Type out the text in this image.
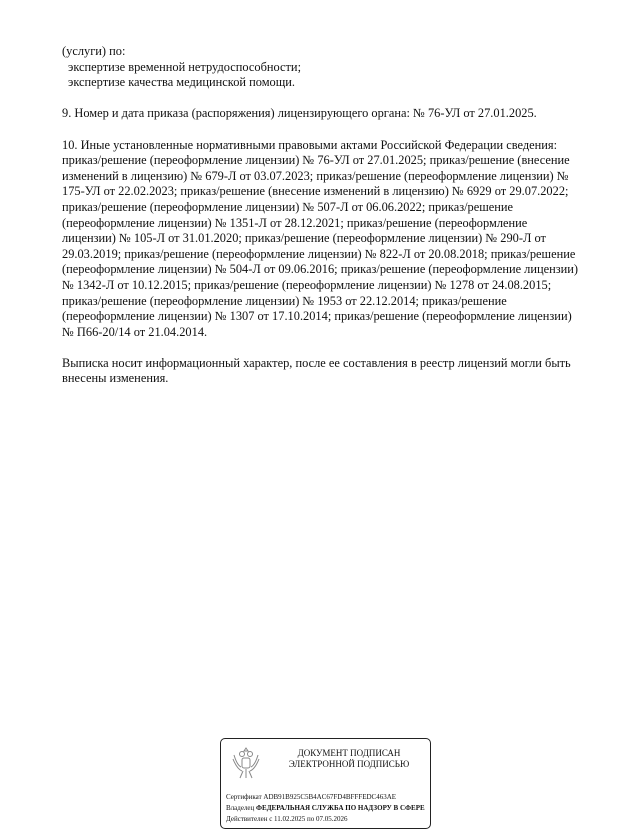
(услуги) по:
экспертизе временной нетрудоспособности;
экспертизе качества медицинской помощи.
9. Номер и дата приказа (распоряжения) лицензирующего органа: № 76-УЛ от 27.01.2025.
10. Иные установленные нормативными правовыми актами Российской Федерации сведения:
приказ/решение (переоформление лицензии) № 76-УЛ от 27.01.2025; приказ/решение (внесение
изменений в лицензию) № 679-Л от 03.07.2023; приказ/решение (переоформление лицензии) №
175-УЛ от 22.02.2023; приказ/решение (внесение изменений в лицензию) № 6929 от 29.07.2022;
приказ/решение (переоформление лицензии) № 507-Л от 06.06.2022; приказ/решение
(переоформление лицензии) № 1351-Л от 28.12.2021; приказ/решение (переоформление
лицензии) № 105-Л от 31.01.2020; приказ/решение (переоформление лицензии) № 290-Л от
29.03.2019; приказ/решение (переоформление лицензии) № 822-Л от 20.08.2018; приказ/решение
(переоформление лицензии) № 504-Л от 09.06.2016; приказ/решение (переоформление лицензии)
№ 1342-Л от 10.12.2015; приказ/решение (переоформление лицензии) № 1278 от 24.08.2015;
приказ/решение (переоформление лицензии) № 1953 от 22.12.2014; приказ/решение
(переоформление лицензии) № 1307 от 17.10.2014; приказ/решение (переоформление лицензии)
№ П66-20/14 от 21.04.2014.
Выписка носит информационный характер, после ее составления в реестр лицензий могли быть
внесены изменения.
ДОКУМЕНТ ПОДПИСАН
ЭЛЕКТРОННОЙ ПОДПИСЬЮ
Сертификат ADB91B925C5B4AC67FD4BFFFEDC463AE
Владелец ФЕДЕРАЛЬНАЯ СЛУЖБА ПО НАДЗОРУ В СФЕРЕ
Действителен с 11.02.2025 по 07.05.2026
